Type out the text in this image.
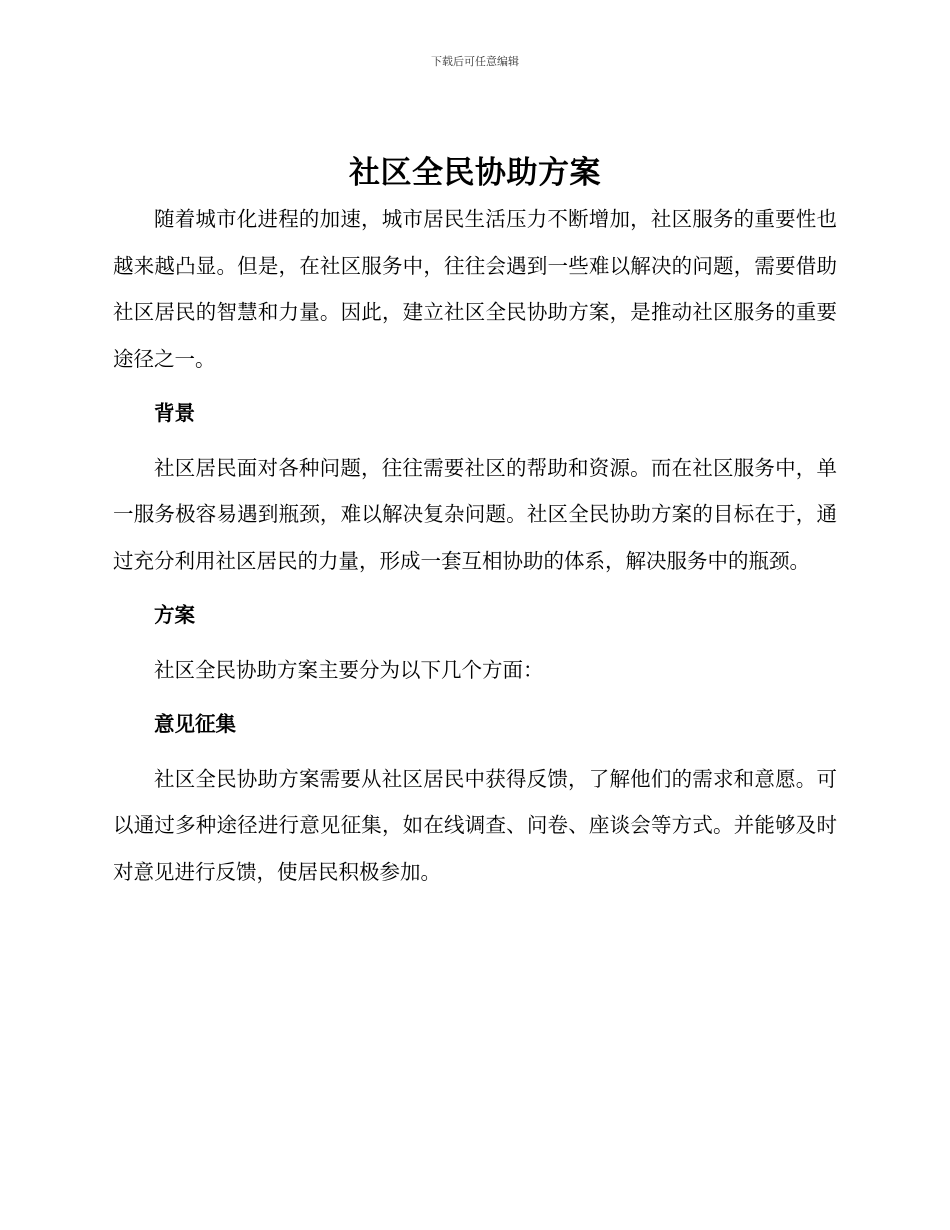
下载后可任意编辑
社区全民协助方案

随着城市化进程的加速，城市居民生活压力不断增加，社区服务的重要性也越来越凸显。但是，在社区服务中，往往会遇到一些难以解决的问题，需要借助社区居民的智慧和力量。因此，建立社区全民协助方案，是推动社区服务的重要途径之一。

背景

社区居民面对各种问题，往往需要社区的帮助和资源。而在社区服务中，单一服务极容易遇到瓶颈，难以解决复杂问题。社区全民协助方案的目标在于，通过充分利用社区居民的力量，形成一套互相协助的体系，解决服务中的瓶颈。

方案

社区全民协助方案主要分为以下几个方面：

意见征集

社区全民协助方案需要从社区居民中获得反馈，了解他们的需求和意愿。可以通过多种途径进行意见征集，如在线调查、问卷、座谈会等方式。并能够及时对意见进行反馈，使居民积极参加。
